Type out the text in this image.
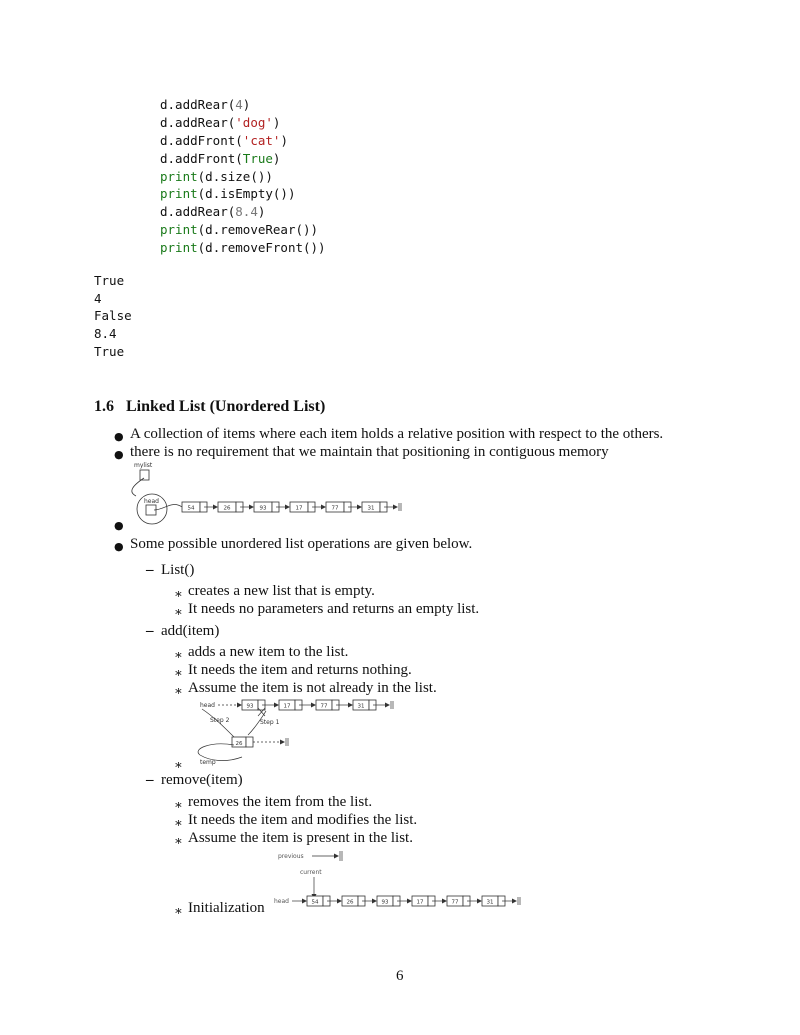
d.addRear(4)
d.addRear('dog')
d.addFront('cat')
d.addFront(True)
print(d.size())
print(d.isEmpty())
d.addRear(8.4)
print(d.removeRear())
print(d.removeFront())
True
4
False
8.4
True
1.6 Linked List (Unordered List)
● A collection of items where each item holds a relative position with respect to the others.
● there is no requirement that we maintain that positioning in contiguous memory
mylist
head
54	26	93	17	77	31
●
● Some possible unordered list operations are given below.
– List()
∗ creates a new list that is empty.
∗ It needs no parameters and returns an empty list.
– add(item)
∗ adds a new item to the list.
∗ It needs the item and returns nothing.
∗ Assume the item is not already in the list.
head	93	17	77	31
Step 2	Step 1
26
temp
∗
– remove(item)
∗ removes the item from the list.
∗ It needs the item and modifies the list.
∗ Assume the item is present in the list.
previous
current
head	54	26	93	17	77	31
∗ Initialization
6
